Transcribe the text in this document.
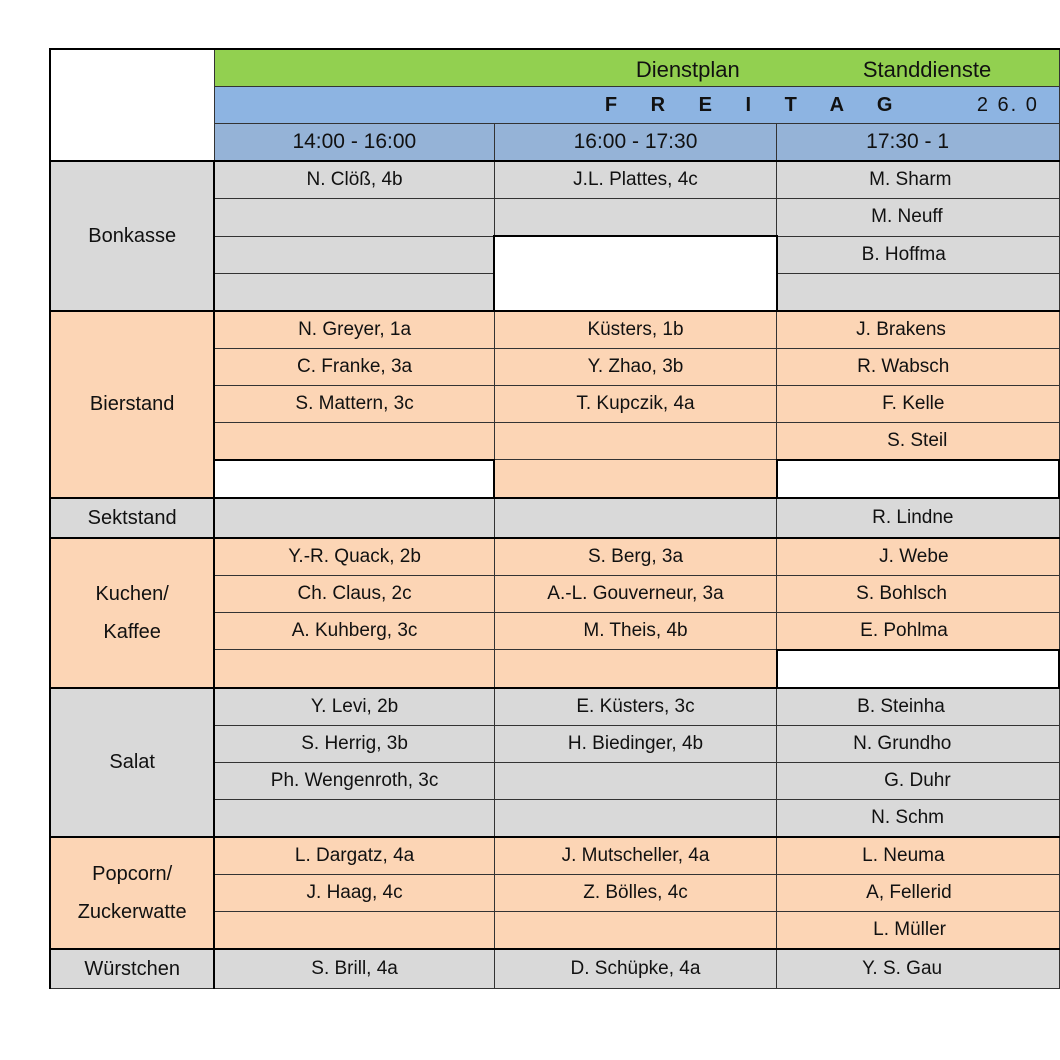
	Dienstplan Standdienste		

	F R E I T A G 2 6. 0		

	14:00 - 16:00	16:00 - 17:30	17:30 - 1
Bonkasse	N. Clöß, 4b	J.L. Plattes, 4c	M. Sharm
			M. Neuff
			B. Hoffma

Bierstand	N. Greyer, 1a	Küsters, 1b	J. Brakens
	C. Franke, 3a	Y. Zhao, 3b	R. Wabsch
	S. Mattern, 3c	T. Kupczik, 4a	F. Kelle
			S. Steil

Sektstand			R. Lindne

Kuchen/
Kaffee	Y.-R. Quack, 2b	S. Berg, 3a	J. Webe
	Ch. Claus, 2c	A.-L. Gouverneur, 3a	S. Bohlsch
	A. Kuhberg, 3c	M. Theis, 4b	E. Pohlma

Salat	Y. Levi, 2b	E. Küsters, 3c	B. Steinha
	S. Herrig, 3b	H. Biedinger, 4b	N. Grundho
	Ph. Wengenroth, 3c		G. Duhr
			N. Schm

Popcorn/
Zuckerwatte	L. Dargatz, 4a	J. Mutscheller, 4a	L. Neuma
	J. Haag, 4c	Z. Bölles, 4c	A, Fellerid
			L. Müller
Würstchen	S. Brill, 4a	D. Schüpke, 4a	Y. S. Gau
